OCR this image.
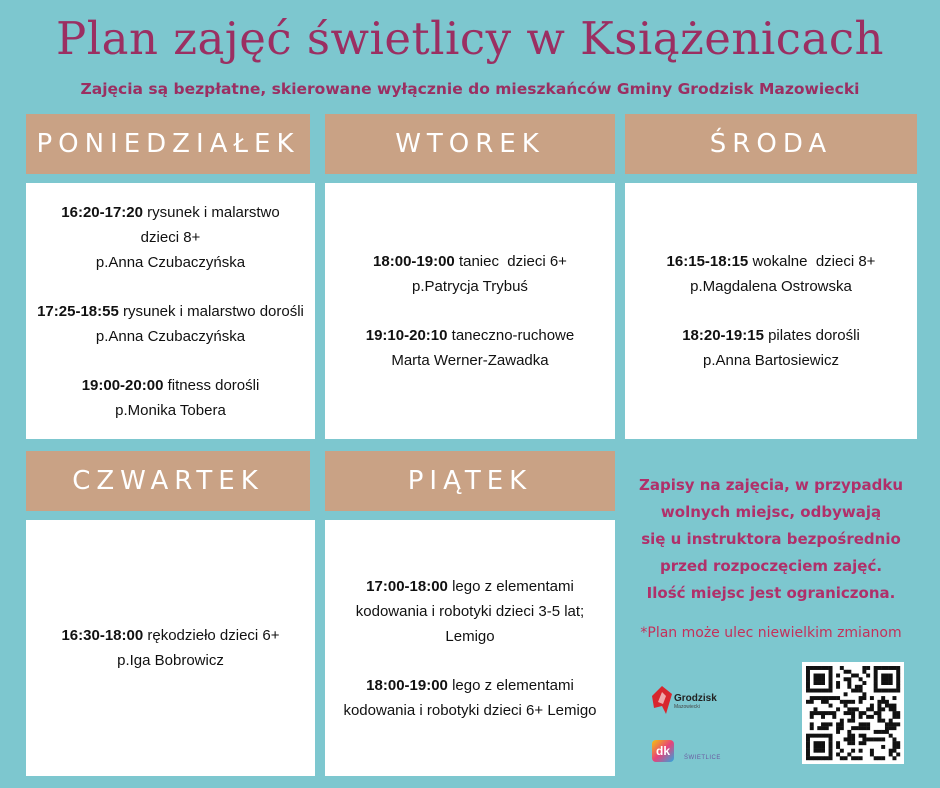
Plan zajęć świetlicy w Książenicach
Zajęcia są bezpłatne, skierowane wyłącznie do mieszkańców Gminy Grodzisk Mazowiecki
PONIEDZIAŁEK	WTOREK	ŚRODA
CZWARTEK	PIĄTEK
16:20-17:20 rysunek i malarstwo
dzieci 8+
p.Anna Czubaczyńska
17:25-18:55 rysunek i malarstwo dorośli
p.Anna Czubaczyńska
19:00-20:00 fitness dorośli
p.Monika Tobera
18:00-19:00 taniec  dzieci 6+
p.Patrycja Trybuś
19:10-20:10 taneczno-ruchowe
Marta Werner-Zawadka
16:15-18:15 wokalne  dzieci 8+
p.Magdalena Ostrowska
18:20-19:15 pilates dorośli
p.Anna Bartosiewicz
16:30-18:00 rękodzieło dzieci 6+
p.Iga Bobrowicz
17:00-18:00 lego z elementami
kodowania i robotyki dzieci 3-5 lat;
Lemigo
18:00-19:00 lego z elementami
kodowania i robotyki dzieci 6+ Lemigo
Zapisy na zajęcia, w przypadku
wolnych miejsc, odbywają
się u instruktora bezpośrednio
przed rozpoczęciem zajęć.
Ilość miejsc jest ograniczona.
*Plan może ulec niewielkim zmianom
Grodzisk
Mazowiecki
dk	ŚWIETLICE
